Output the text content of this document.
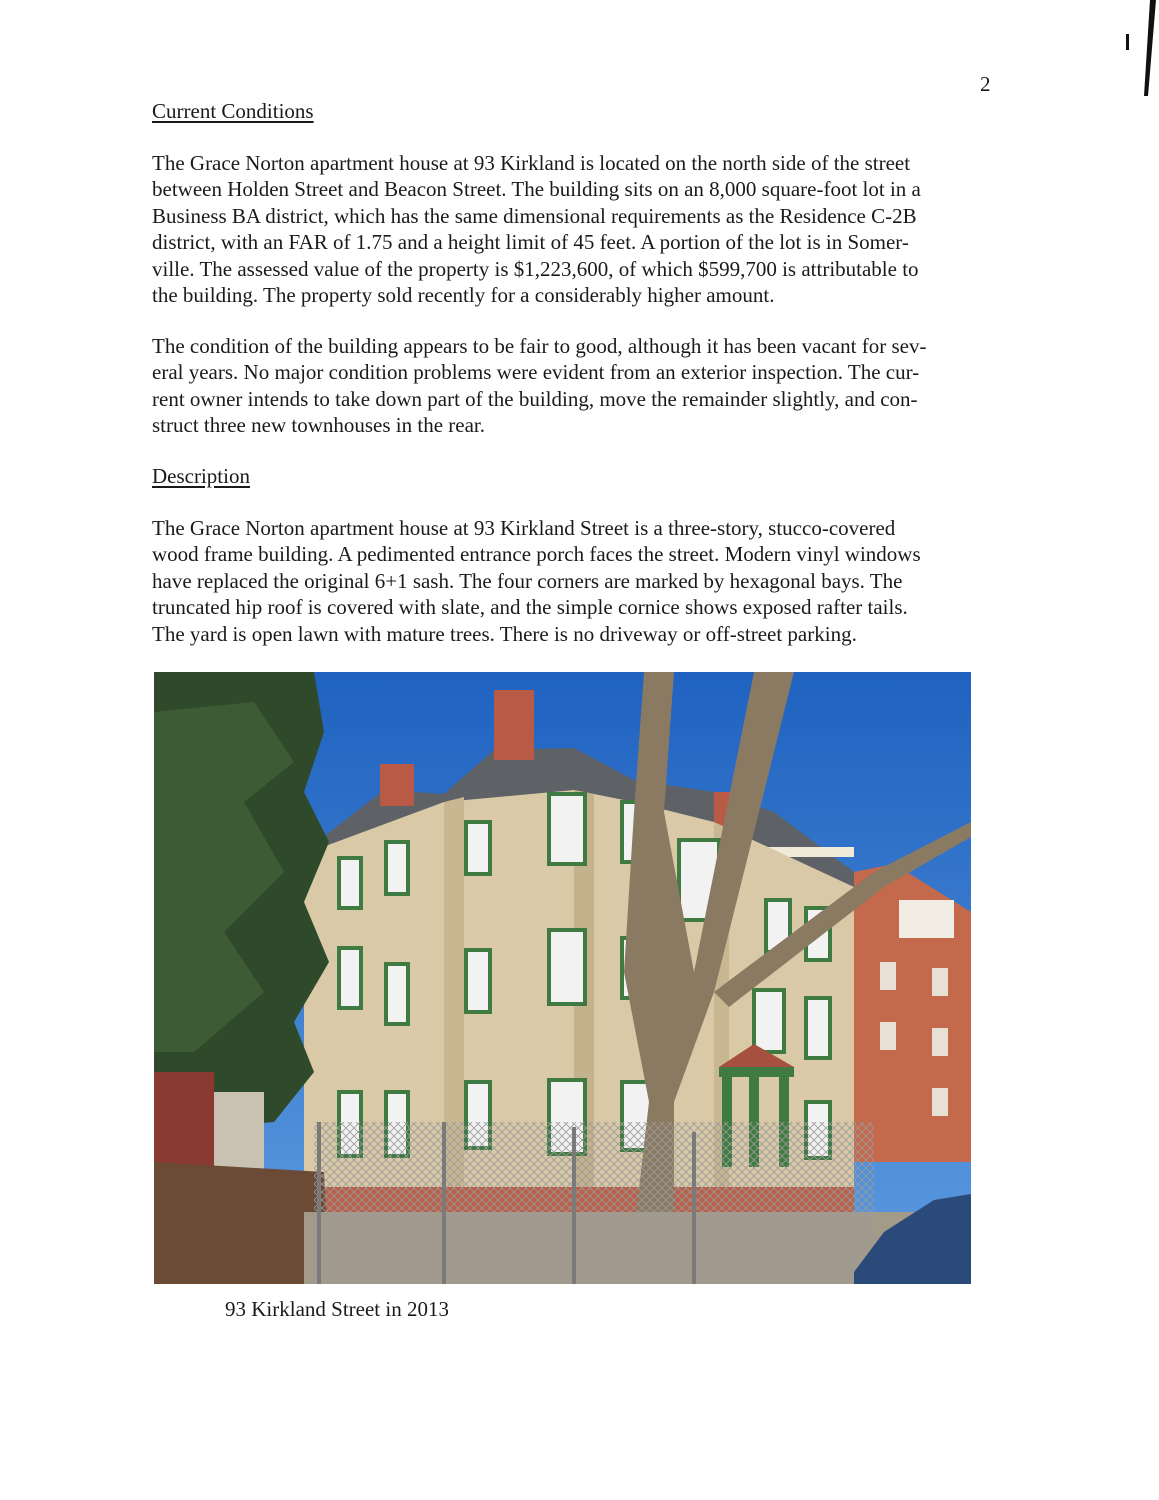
2
Current Conditions

The Grace Norton apartment house at 93 Kirkland is located on the north side of the street
between Holden Street and Beacon Street. The building sits on an 8,000 square-foot lot in a
Business BA district, which has the same dimensional requirements as the Residence C-2B
district, with an FAR of 1.75 and a height limit of 45 feet. A portion of the lot is in Somer-
ville. The assessed value of the property is $1,223,600, of which $599,700 is attributable to
the building. The property sold recently for a considerably higher amount.

The condition of the building appears to be fair to good, although it has been vacant for sev-
eral years. No major condition problems were evident from an exterior inspection. The cur-
rent owner intends to take down part of the building, move the remainder slightly, and con-
struct three new townhouses in the rear.

Description

The Grace Norton apartment house at 93 Kirkland Street is a three-story, stucco-covered
wood frame building. A pedimented entrance porch faces the street. Modern vinyl windows
have replaced the original 6+1 sash. The four corners are marked by hexagonal bays. The
truncated hip roof is covered with slate, and the simple cornice shows exposed rafter tails.
The yard is open lawn with mature trees. There is no driveway or off-street parking.

93 Kirkland Street in 2013
